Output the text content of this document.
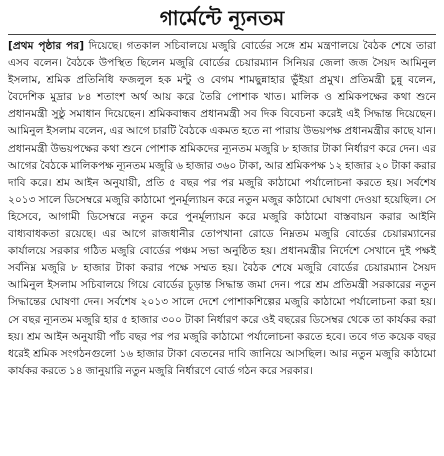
গার্মেন্টে ন্যূনতম

[প্রথম পৃষ্ঠার পর] দিয়েছে। গতকাল সচিবালয়ে মজুরি বোর্ডের সঙ্গে শ্রম মন্ত্রণালয়ে বৈঠক শেষে তারা এসব বলেন। বৈঠকে উপস্থিত ছিলেন মজুরি বোর্ডের চেয়ারম্যান সিনিয়র জেলা জজ সৈয়দ আমিনুল ইসলাম, শ্রমিক প্রতিনিধি ফজলুল হক মন্টু ও বেগম শামছুন্নাহার ভুঁইয়া প্রমুখ। প্রতিমন্ত্রী চুন্নু বলেন, বৈদেশিক মুদ্রার ৮৪ শতাংশ অর্থ আয় করে তৈরি পোশাক খাত। মালিক ও শ্রমিকপক্ষের কথা শুনে প্রধানমন্ত্রী সুষ্ঠু সমাধান দিয়েছেন। শ্রমিকবান্ধব প্রধানমন্ত্রী সব দিক বিবেচনা করেই এই সিদ্ধান্ত দিয়েছেন। আমিনুল ইসলাম বলেন, এর আগে চারটি বৈঠকে একমত হতে না পারায় উভয়পক্ষ প্রধানমন্ত্রীর কাছে যান। প্রধানমন্ত্রী উভয়পক্ষের কথা শুনে পোশাক শ্রমিকদের ন্যূনতম মজুরি ৮ হাজার টাকা নির্ধারণ করে দেন। এর আগের বৈঠকে মালিকপক্ষ ন্যূনতম মজুরি ৬ হাজার ৩৬০ টাকা, আর শ্রমিকপক্ষ ১২ হাজার ২০ টাকা করার দাবি করে। শ্রম আইন অনুযায়ী, প্রতি ৫ বছর পর পর মজুরি কাঠামো পর্যালোচনা করতে হয়। সর্বশেষ ২০১৩ সালে ডিসেম্বরে মজুরি কাঠামো পুনর্মূল্যায়ন করে নতুন মজুর কাঠামো ঘোষণা দেওয়া হয়েছিল। সে হিসেবে, আগামী ডিসেম্বরে নতুন করে পুনর্মূল্যায়ন করে মজুরি কাঠামো বাস্তবায়ন করার আইনি বাধ্যবাধকতা রয়েছে। এর আগে রাজধানীর তোপখানা রোডে নিম্নতম মজুরি বোর্ডের চেয়ারম্যানের কার্যালয়ে সরকার গঠিত মজুরি বোর্ডের পঞ্চম সভা অনুষ্ঠিত হয়। প্রধানমন্ত্রীর নির্দেশে সেখানে দুই পক্ষই সর্বনিম্ন মজুরি ৮ হাজার টাকা করার পক্ষে সম্মত হয়। বৈঠক শেষে মজুরি বোর্ডের চেয়ারম্যান সৈয়দ আমিনুল ইসলাম সচিবালয়ে গিয়ে বোর্ডের চূড়ান্ত সিদ্ধান্ত জমা দেন। পরে শ্রম প্রতিমন্ত্রী সরকারের নতুন সিদ্ধান্তের ঘোষণা দেন। সর্বশেষ ২০১৩ সালে দেশে পোশাকশিল্পের মজুরি কাঠামো পর্যালোচনা করা হয়। সে বছর ন্যূনতম মজুরি হার ৫ হাজার ৩০০ টাকা নির্ধারণ করে ওই বছরের ডিসেম্বর থেকে তা কার্যকর করা হয়। শ্রম আইন অনুযায়ী পাঁচ বছর পর পর মজুরি কাঠামো পর্যালোচনা করতে হবে। তবে গত কয়েক বছর ধরেই শ্রমিক সংগঠনগুলো ১৬ হাজার টাকা বেতনের দাবি জানিয়ে আসছিল। আর নতুন মজুরি কাঠামো কার্যকর করতে ১৪ জানুয়ারি নতুন মজুরি নির্ধারণে বোর্ড গঠন করে সরকার।
